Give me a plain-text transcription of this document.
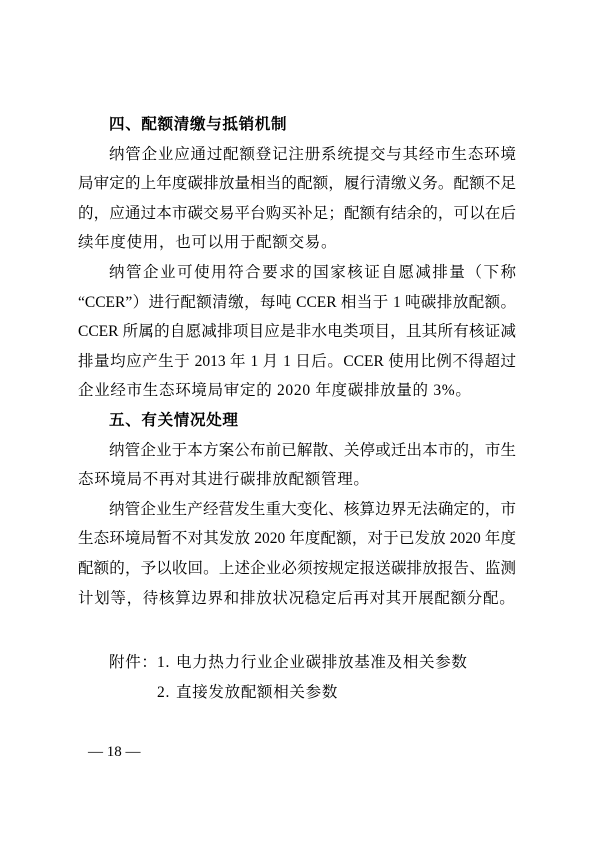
四、配额清缴与抵销机制
纳管企业应通过配额登记注册系统提交与其经市生态环境
局审定的上年度碳排放量相当的配额，履行清缴义务。配额不足
的，应通过本市碳交易平台购买补足；配额有结余的，可以在后
续年度使用，也可以用于配额交易。
纳管企业可使用符合要求的国家核证自愿减排量（下称
“CCER”）进行配额清缴，每吨 CCER 相当于 1 吨碳排放配额。
CCER 所属的自愿减排项目应是非水电类项目，且其所有核证减
排量均应产生于 2013 年 1 月 1 日后。CCER 使用比例不得超过
企业经市生态环境局审定的 2020 年度碳排放量的 3%。
五、有关情况处理
纳管企业于本方案公布前已解散、关停或迁出本市的，市生
态环境局不再对其进行碳排放配额管理。
纳管企业生产经营发生重大变化、核算边界无法确定的，市
生态环境局暂不对其发放 2020 年度配额，对于已发放 2020 年度
配额的，予以收回。上述企业必须按规定报送碳排放报告、监测
计划等，待核算边界和排放状况稳定后再对其开展配额分配。
附件： 1. 电力热力行业企业碳排放基准及相关参数
2. 直接发放配额相关参数
— 18 —
